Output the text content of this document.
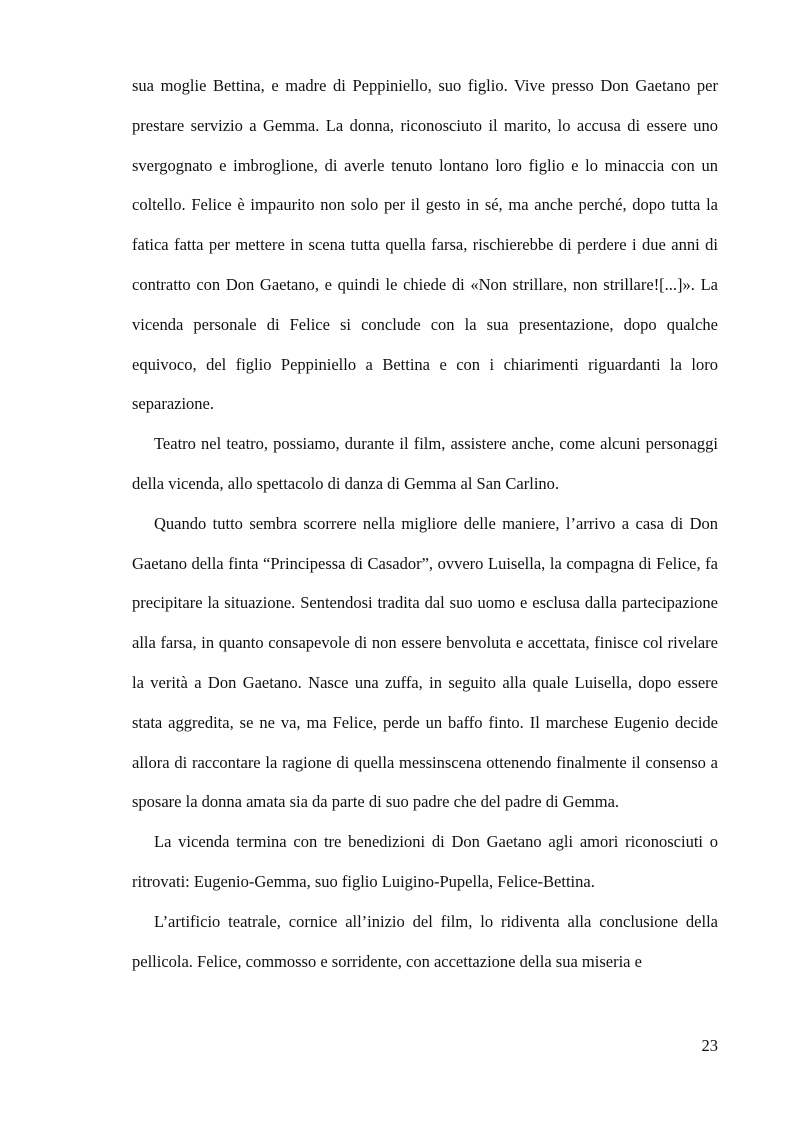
sua moglie Bettina, e madre di Peppiniello, suo figlio. Vive presso Don Gaetano per prestare servizio a Gemma. La donna, riconosciuto il marito, lo accusa di essere uno svergognato e imbroglione, di averle tenuto lontano loro figlio e lo minaccia con un coltello. Felice è impaurito non solo per il gesto in sé, ma anche perché, dopo tutta la fatica fatta per mettere in scena tutta quella farsa, rischierebbe di perdere i due anni di contratto con Don Gaetano, e quindi le chiede di «Non strillare, non strillare![...]». La vicenda personale di Felice si conclude con la sua presentazione, dopo qualche equivoco, del figlio Peppiniello a Bettina e con i chiarimenti riguardanti la loro separazione.

Teatro nel teatro, possiamo, durante il film, assistere anche, come alcuni personaggi della vicenda, allo spettacolo di danza di Gemma al San Carlino.

Quando tutto sembra scorrere nella migliore delle maniere, l’arrivo a casa di Don Gaetano della finta “Principessa di Casador”, ovvero Luisella, la compagna di Felice, fa precipitare la situazione. Sentendosi tradita dal suo uomo e esclusa dalla partecipazione alla farsa, in quanto consapevole di non essere benvoluta e accettata, finisce col rivelare la verità a Don Gaetano. Nasce una zuffa, in seguito alla quale Luisella, dopo essere stata aggredita, se ne va, ma Felice, perde un baffo finto. Il marchese Eugenio decide allora di raccontare la ragione di quella messinscena ottenendo finalmente il consenso a sposare la donna amata sia da parte di suo padre che del padre di Gemma.

La vicenda termina con tre benedizioni di Don Gaetano agli amori riconosciuti o ritrovati: Eugenio-Gemma, suo figlio Luigino-Pupella, Felice-Bettina.

L’artificio teatrale, cornice all’inizio del film, lo ridiventa alla conclusione della pellicola. Felice, commosso e sorridente, con accettazione della sua miseria e

23
